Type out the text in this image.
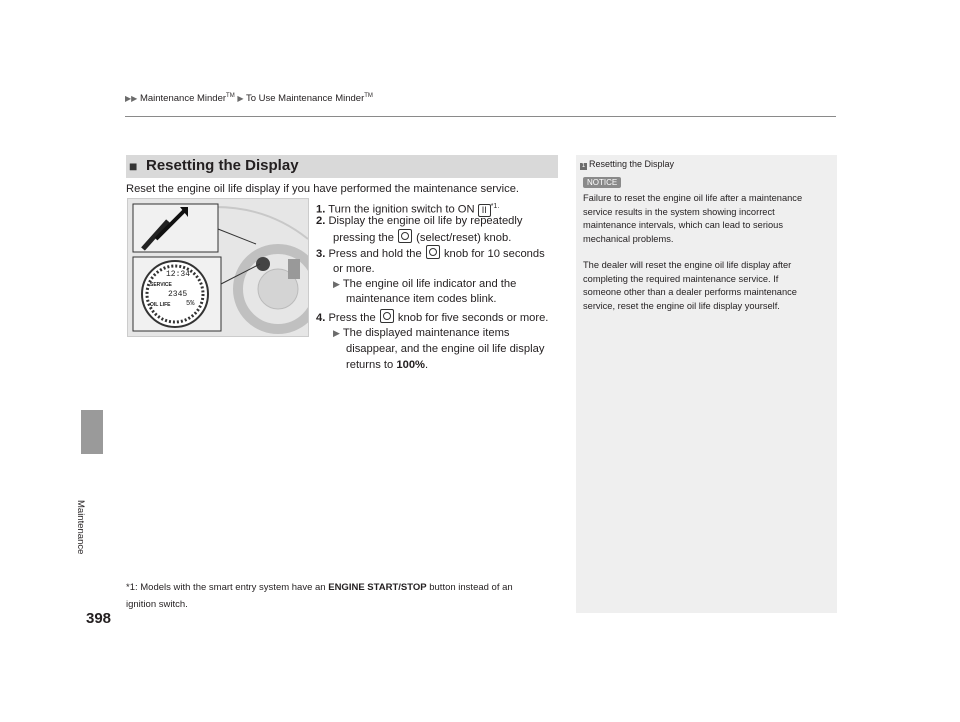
▶▶ Maintenance Minder™ ▶ To Use Maintenance Minder™
Maintenance
398
■ Resetting the Display
Reset the engine oil life display if you have performed the maintenance service.
12:34
SERVICE
2345
OIL LIFE 5%
1. Turn the ignition switch to ON II $^{*1.}$
2. Display the engine oil life by repeatedly
pressing the  (select/reset) knob.
3. Press and hold the  knob for 10 seconds
or more.
▶ The engine oil life indicator and the
maintenance item codes blink.
4. Press the  knob for five seconds or more.
▶ The displayed maintenance items
disappear, and the engine oil life display
returns to 100%.
*1: Models with the smart entry system have an ENGINE START/STOP button instead of an
ignition switch.
1 Resetting the Display
NOTICE
Failure to reset the engine oil life after a maintenance
service results in the system showing incorrect
maintenance intervals, which can lead to serious
mechanical problems.
The dealer will reset the engine oil life display after
completing the required maintenance service. If
someone other than a dealer performs maintenance
service, reset the engine oil life display yourself.
